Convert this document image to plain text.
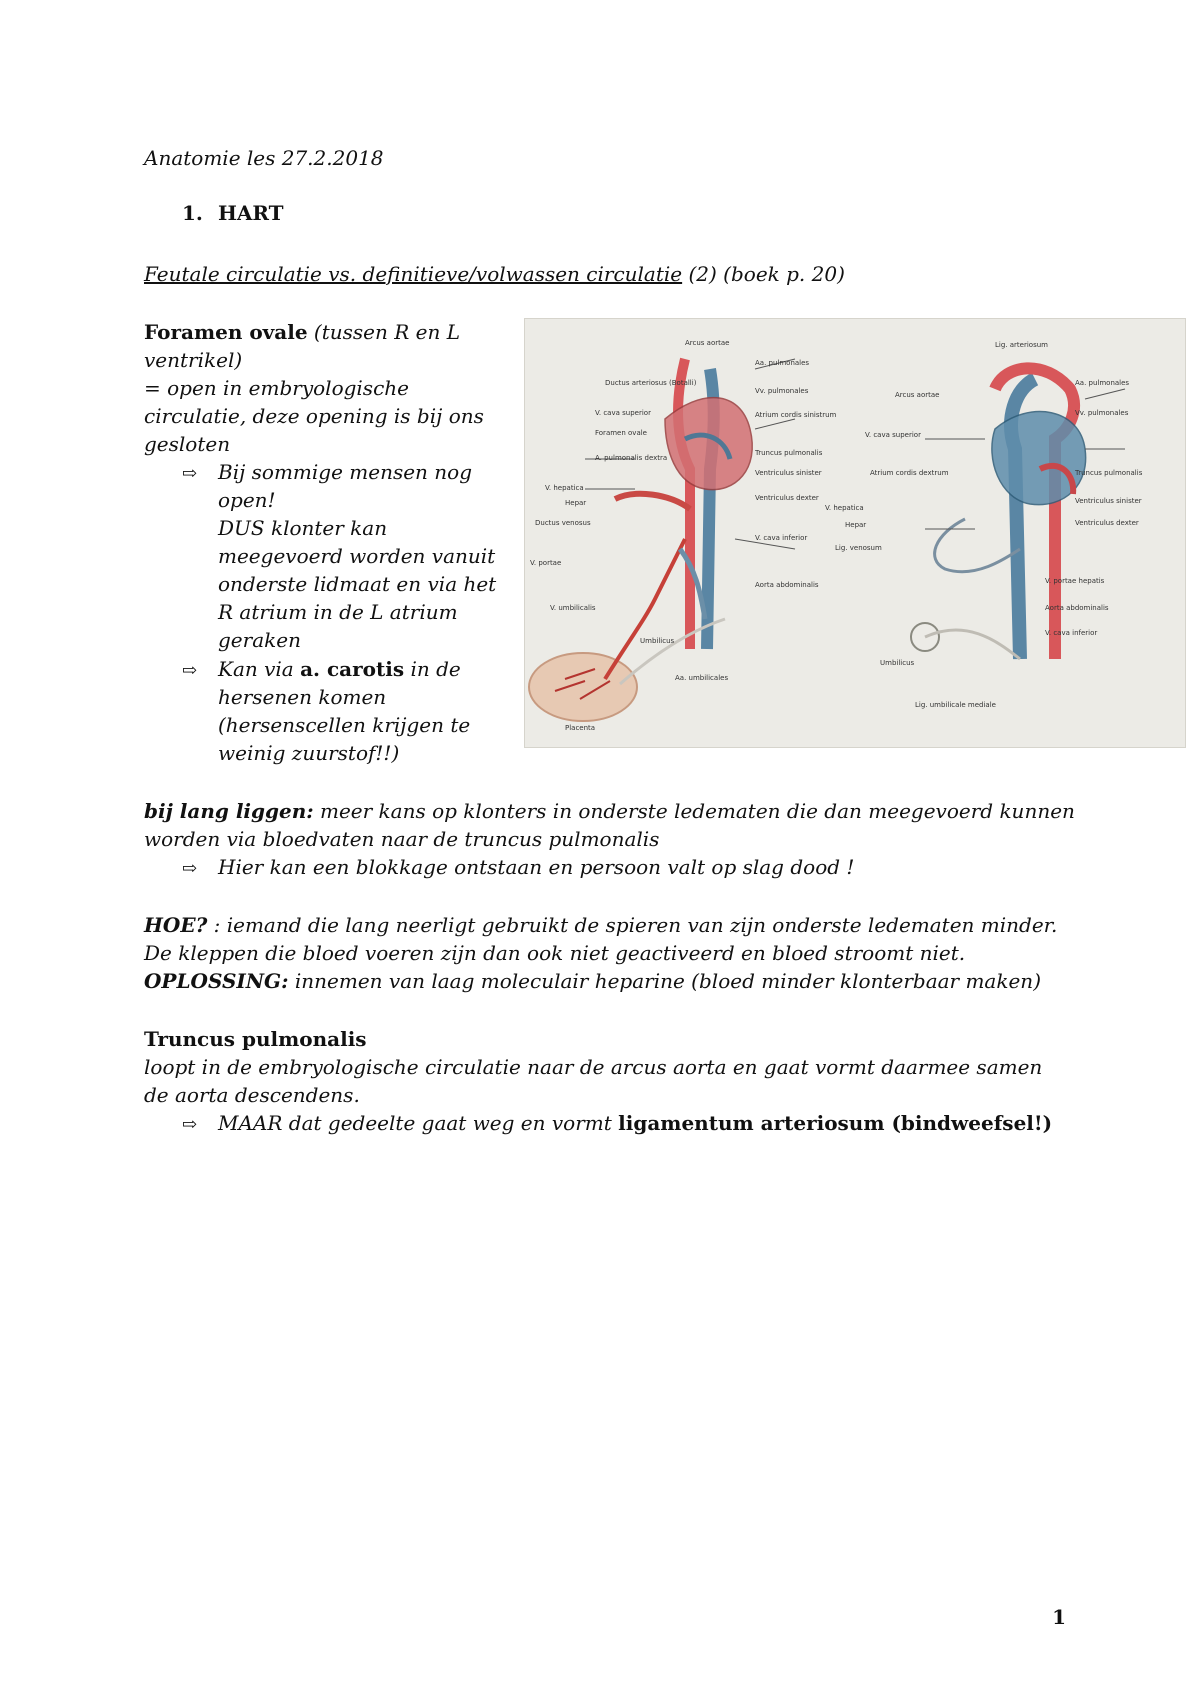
Anatomie les 27.2.2018
1. HART
Feutale circulatie vs. definitieve/volwassen circulatie (2) (boek p. 20)
Foramen ovale (tussen R en L
ventrikel)
= open in embryologische
circulatie, deze opening is bij ons
gesloten
⇨	Bij sommige mensen nog
open!
DUS klonter kan
meegevoerd worden vanuit
onderste lidmaat en via het
R atrium in de L atrium
geraken
⇨	Kan via a. carotis in de
hersenen komen
(hersenscellen krijgen te
weinig zuurstof!!)
Ductus arteriosus (Botalli)
V. cava superior
Foramen ovale
A. pulmonalis dextra
V. hepatica
Hepar
Ductus venosus
V. portae
V. umbilicalis
Umbilicus
Aa. umbilicales
Placenta
Arcus aortae
Aa. pulmonales
Vv. pulmonales
Atrium cordis sinistrum
Truncus pulmonalis
Ventriculus sinister
Ventriculus dexter
V. cava inferior
Aorta abdominalis
Lig. arteriosum
Arcus aortae
Aa. pulmonales
V. cava superior
Vv. pulmonales
Atrium cordis dextrum	Truncus pulmonalis
Ventriculus sinister
Ventriculus dexter
V. hepatica
Hepar
Lig. venosum
V. portae hepatis
Aorta abdominalis
V. cava inferior
Umbilicus
Lig. umbilicale mediale
bij lang liggen: meer kans op klonters in onderste ledematen die dan meegevoerd kunnen
worden via bloedvaten naar de truncus pulmonalis
⇨	Hier kan een blokkage ontstaan en persoon valt op slag dood !
HOE? : iemand die lang neerligt gebruikt de spieren van zijn onderste ledematen minder.
De kleppen die bloed voeren zijn dan ook niet geactiveerd en bloed stroomt niet.
OPLOSSING: innemen van laag moleculair heparine (bloed minder klonterbaar maken)
Truncus pulmonalis
loopt in de embryologische circulatie naar de arcus aorta en gaat vormt daarmee samen
de aorta descendens.
⇨	MAAR dat gedeelte gaat weg en vormt ligamentum arteriosum (bindweefsel!)
1
